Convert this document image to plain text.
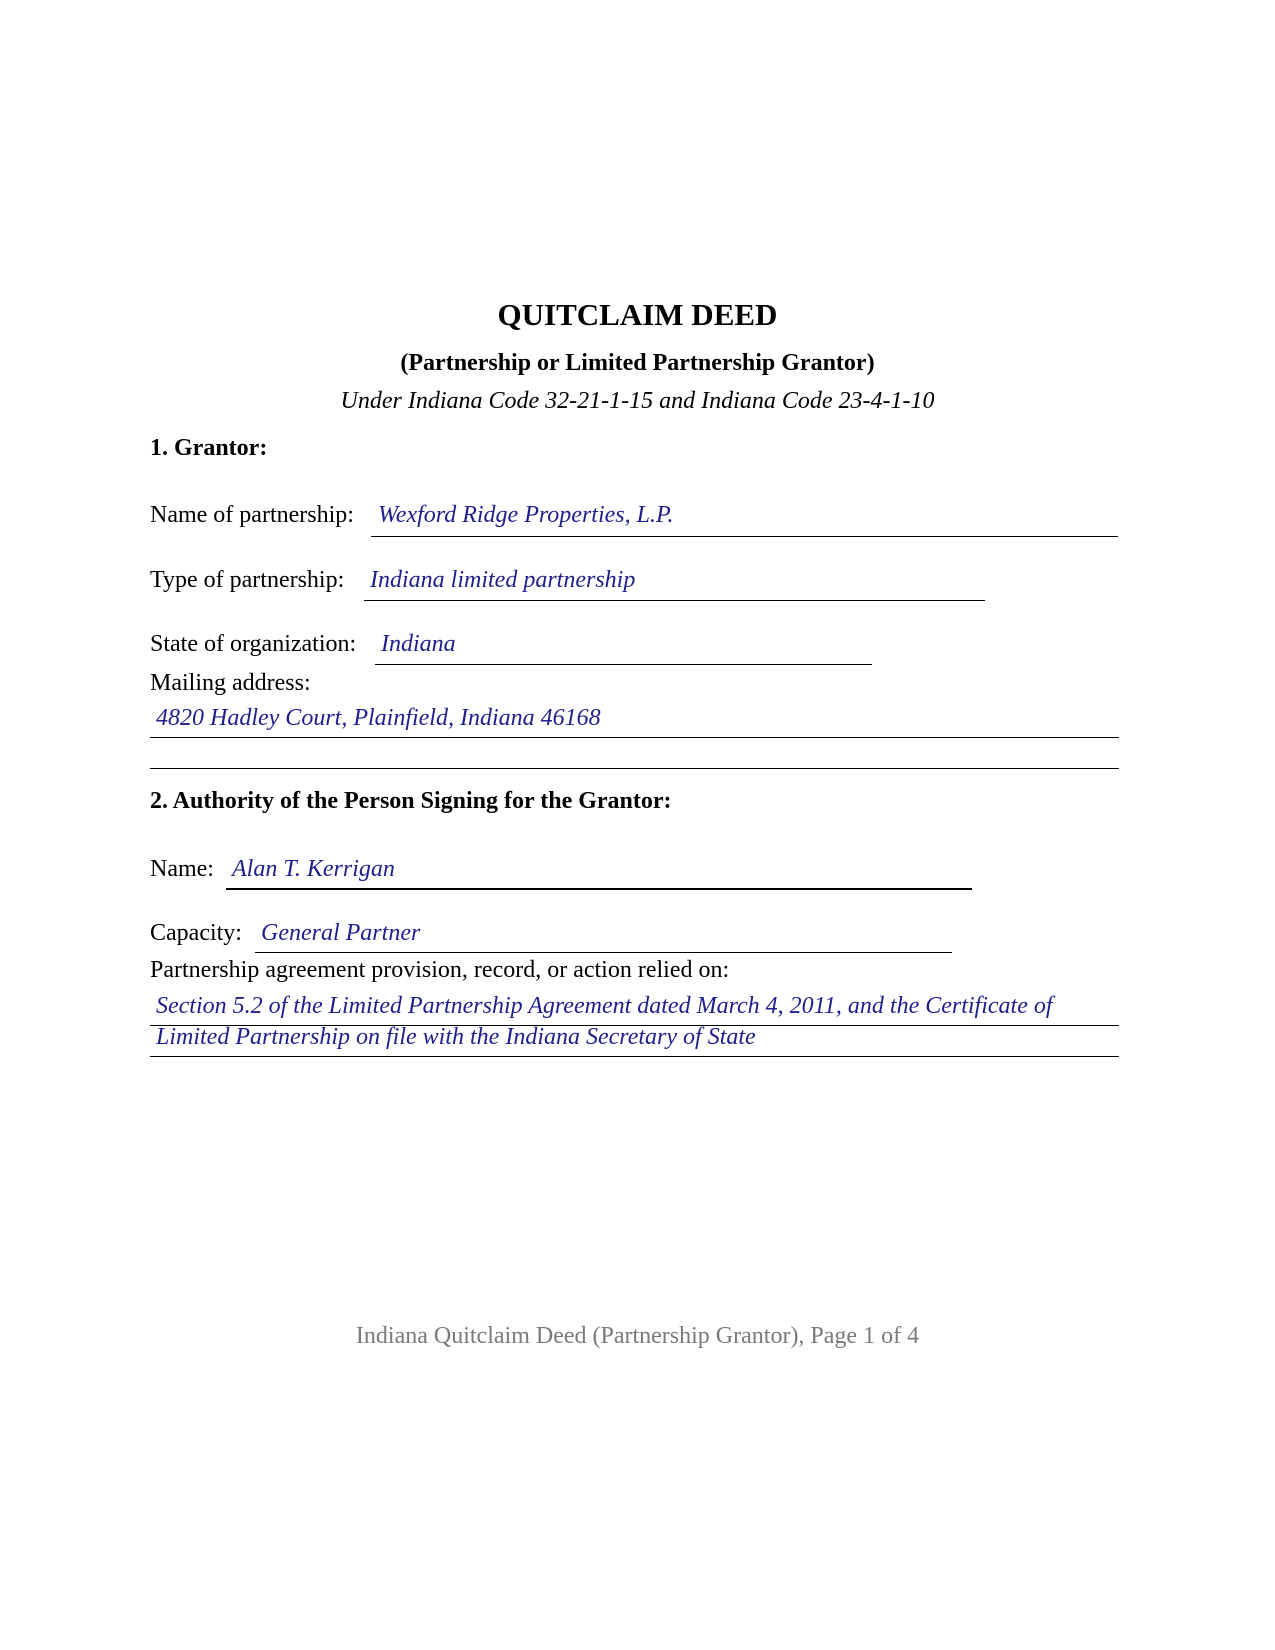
QUITCLAIM DEED
(Partnership or Limited Partnership Grantor)
Under Indiana Code 32-21-1-15 and Indiana Code 23-4-1-10
1. Grantor:
Name of partnership: Wexford Ridge Properties, L.P.
Type of partnership: Indiana limited partnership
State of organization: Indiana
Mailing address:
4820 Hadley Court, Plainfield, Indiana 46168
2. Authority of the Person Signing for the Grantor:
Name: Alan T. Kerrigan
Capacity: General Partner
Partnership agreement provision, record, or action relied on:
Section 5.2 of the Limited Partnership Agreement dated March 4, 2011, and the Certificate of
Limited Partnership on file with the Indiana Secretary of State
Indiana Quitclaim Deed (Partnership Grantor), Page 1 of 4
